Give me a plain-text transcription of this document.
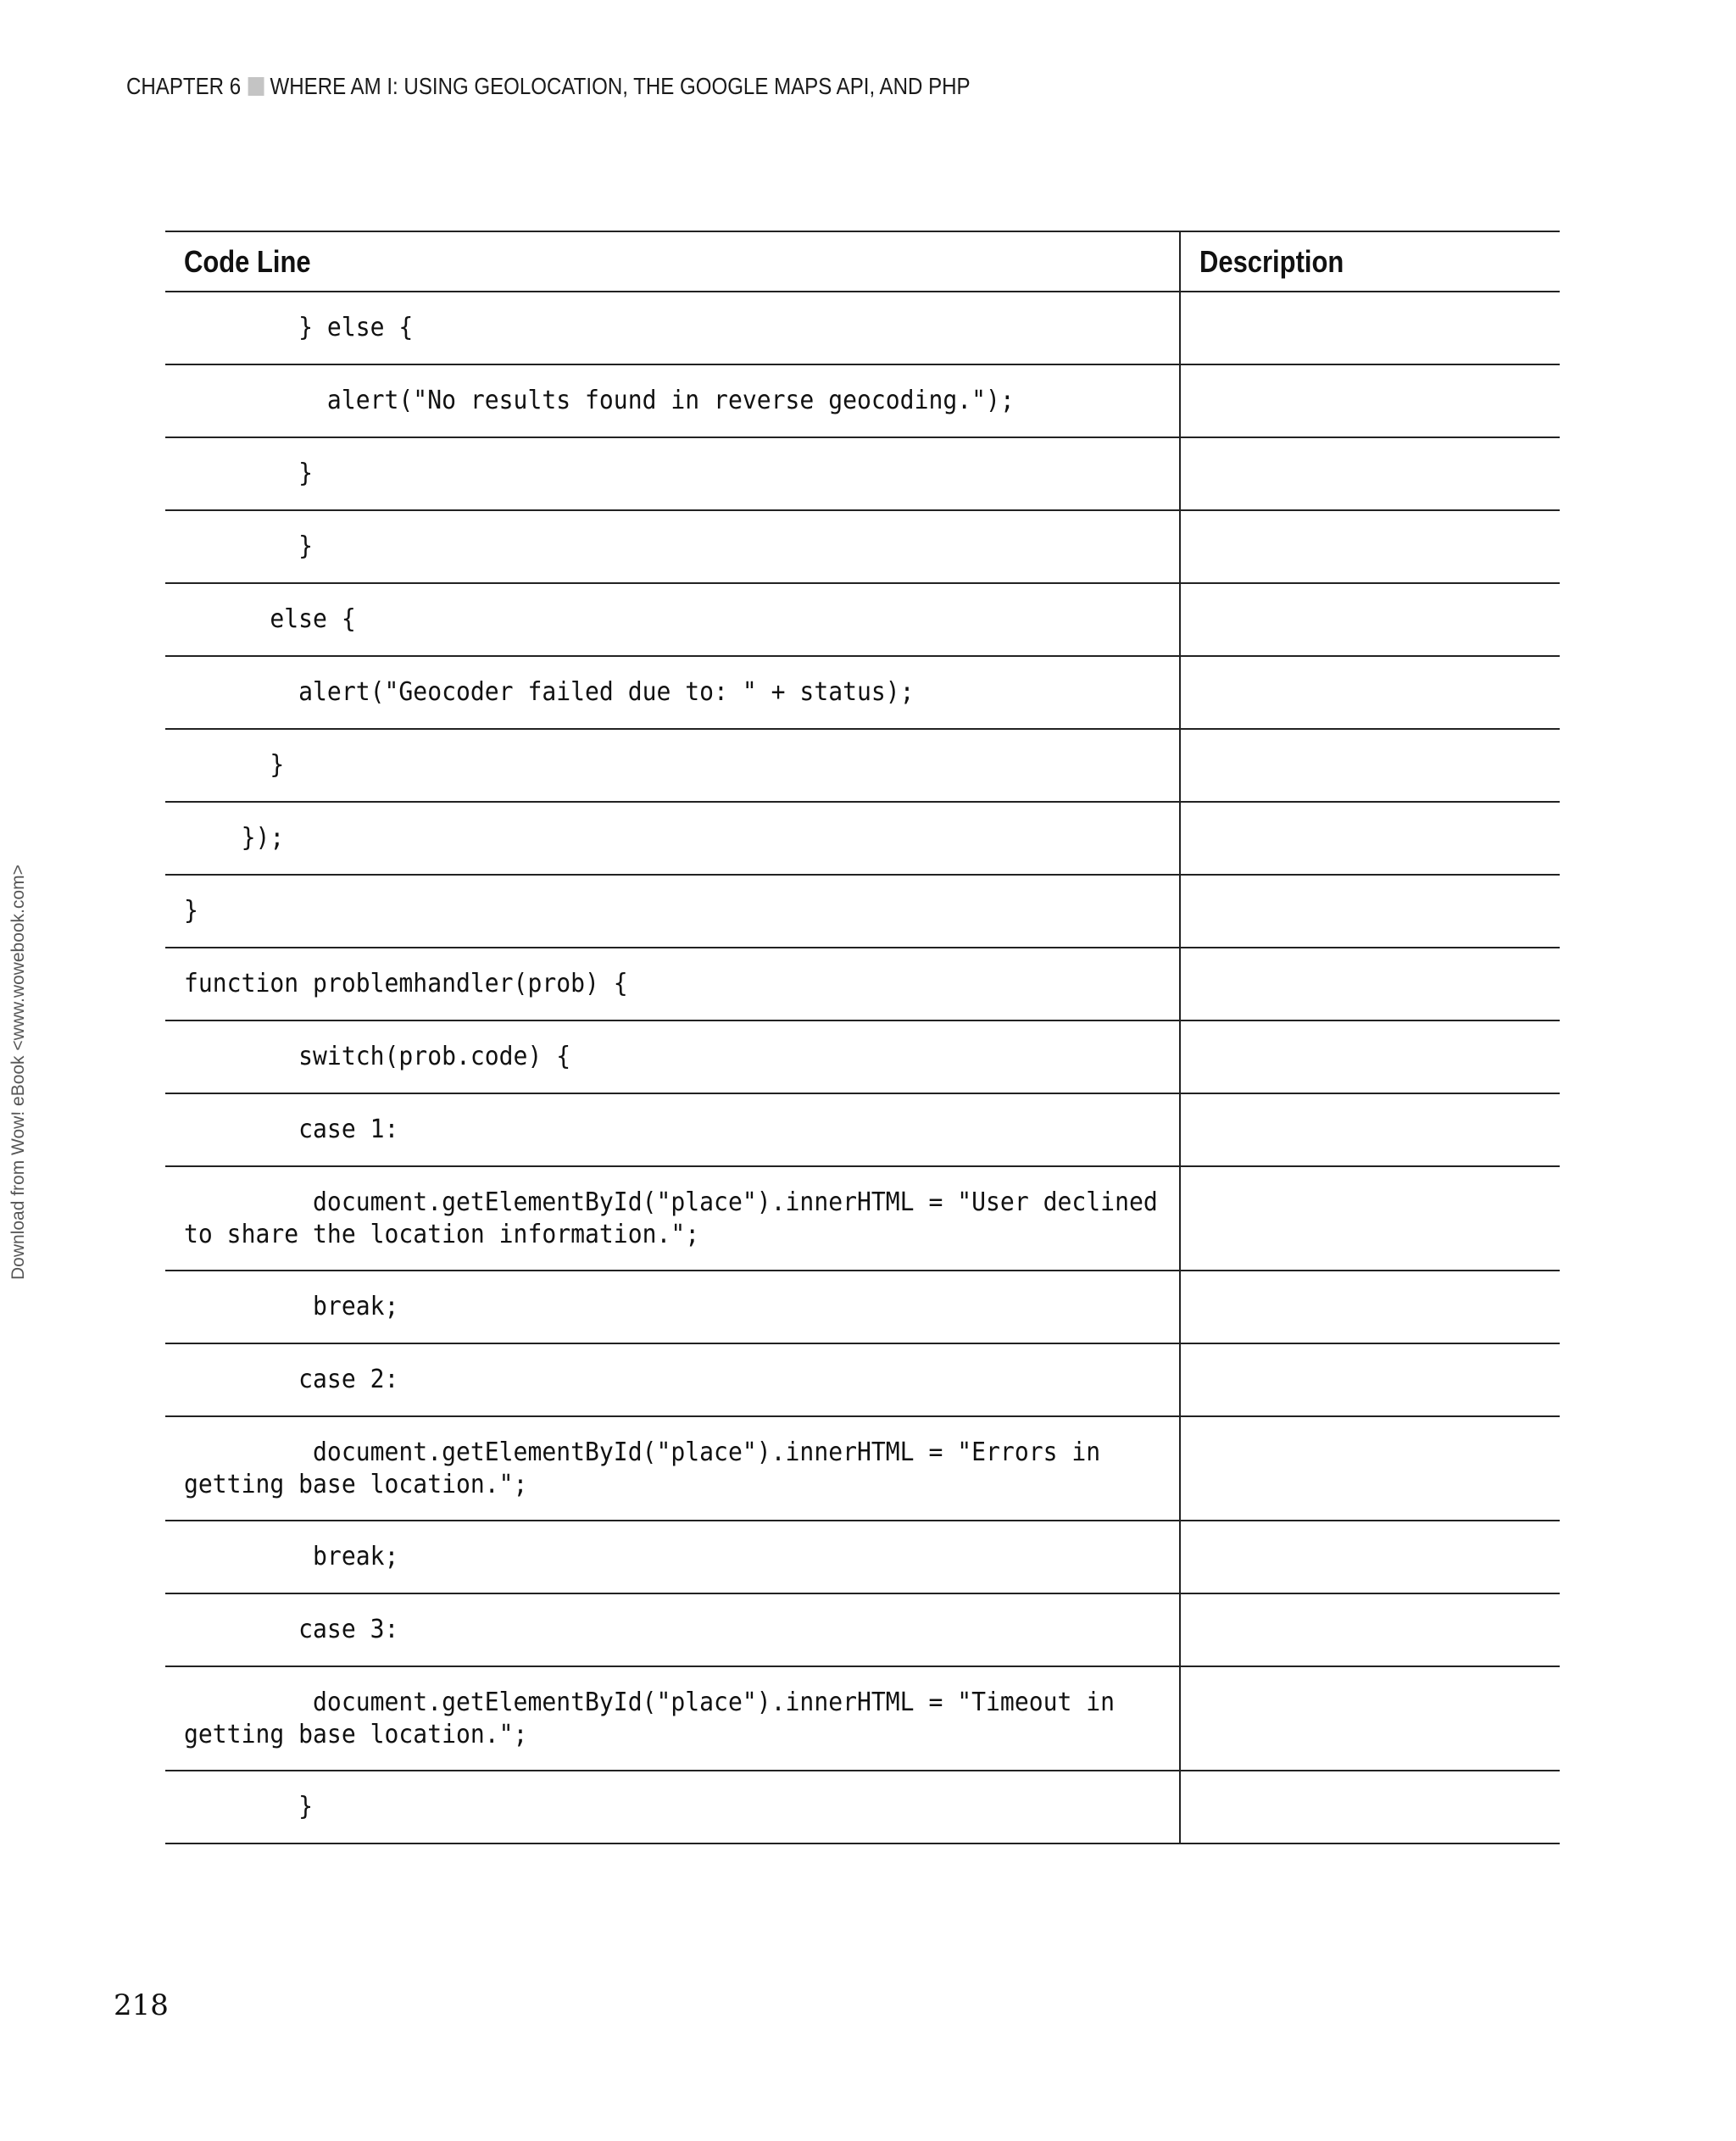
CHAPTER 6 WHERE AM I: USING GEOLOCATION, THE GOOGLE MAPS API, AND PHP
Download from Wow! eBook <www.wowebook.com>
Code Line	Description

} else {	

alert("No results found in reverse geocoding.");	

}	

}	

else {	

alert("Geocoder failed due to: " + status);	

}	

});	

}	

function problemhandler(prob) {	

switch(prob.code) {	

case 1:	

document.getElementById("place").innerHTML = "User declined
to share the location information.";	

break;	

case 2:	

document.getElementById("place").innerHTML = "Errors in
getting base location.";	

break;	

case 3:	

document.getElementById("place").innerHTML = "Timeout in
getting base location.";	

}	

218
